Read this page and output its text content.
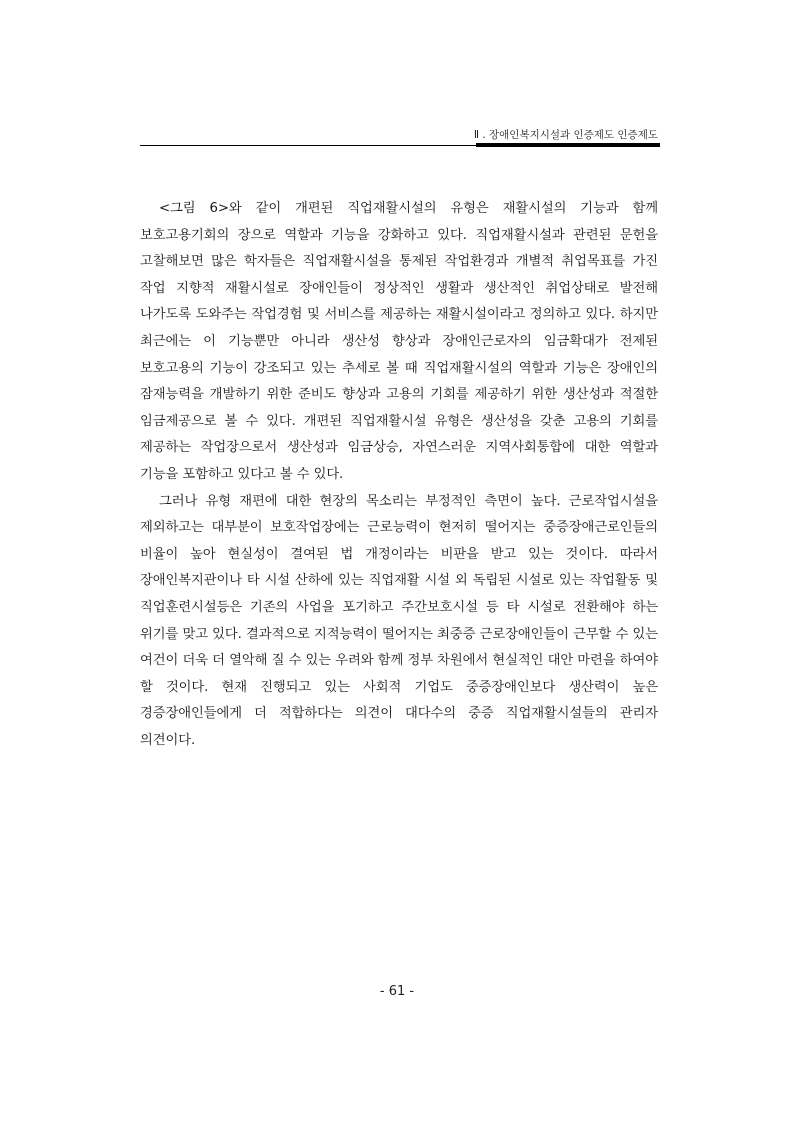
Ⅱ . 장애인복지시설과 인증제도 인증제도

<그림 6>와 같이 개편된 직업재활시설의 유형은 재활시설의 기능과 함께 보호고용기회의 장으로 역할과 기능을 강화하고 있다. 직업재활시설과 관련된 문헌을 고찰해보면 많은 학자들은 직업재활시설을 통제된 작업환경과 개별적 취업목표를 가진 작업 지향적 재활시설로 장애인들이 정상적인 생활과 생산적인 취업상태로 발전해 나가도록 도와주는 작업경험 및 서비스를 제공하는 재활시설이라고 정의하고 있다. 하지만 최근에는 이 기능뿐만 아니라 생산성 향상과 장애인근로자의 임금확대가 전제된 보호고용의 기능이 강조되고 있는 추세로 볼 때 직업재활시설의 역할과 기능은 장애인의 잠재능력을 개발하기 위한 준비도 향상과 고용의 기회를 제공하기 위한 생산성과 적절한 임금제공으로 볼 수 있다. 개편된 직업재활시설 유형은 생산성을 갖춘 고용의 기회를 제공하는 작업장으로서 생산성과 임금상승, 자연스러운 지역사회통합에 대한 역할과 기능을 포함하고 있다고 볼 수 있다.

그러나 유형 재편에 대한 현장의 목소리는 부정적인 측면이 높다. 근로작업시설을 제외하고는 대부분이 보호작업장에는 근로능력이 현저히 떨어지는 중증장애근로인들의 비율이 높아 현실성이 결여된 법 개정이라는 비판을 받고 있는 것이다. 따라서 장애인복지관이나 타 시설 산하에 있는 직업재활 시설 외 독립된 시설로 있는 작업활동 및 직업훈련시설등은 기존의 사업을 포기하고 주간보호시설 등 타 시설로 전환해야 하는 위기를 맞고 있다. 결과적으로 지적능력이 떨어지는 최중증 근로장애인들이 근무할 수 있는 여건이 더욱 더 열악해 질 수 있는 우려와 함께 정부 차원에서 현실적인 대안 마련을 하여야 할 것이다. 현재 진행되고 있는 사회적 기업도 중증장애인보다 생산력이 높은 경증장애인들에게 더 적합하다는 의견이 대다수의 중증 직업재활시설들의 관리자 의견이다.

- 61 -
